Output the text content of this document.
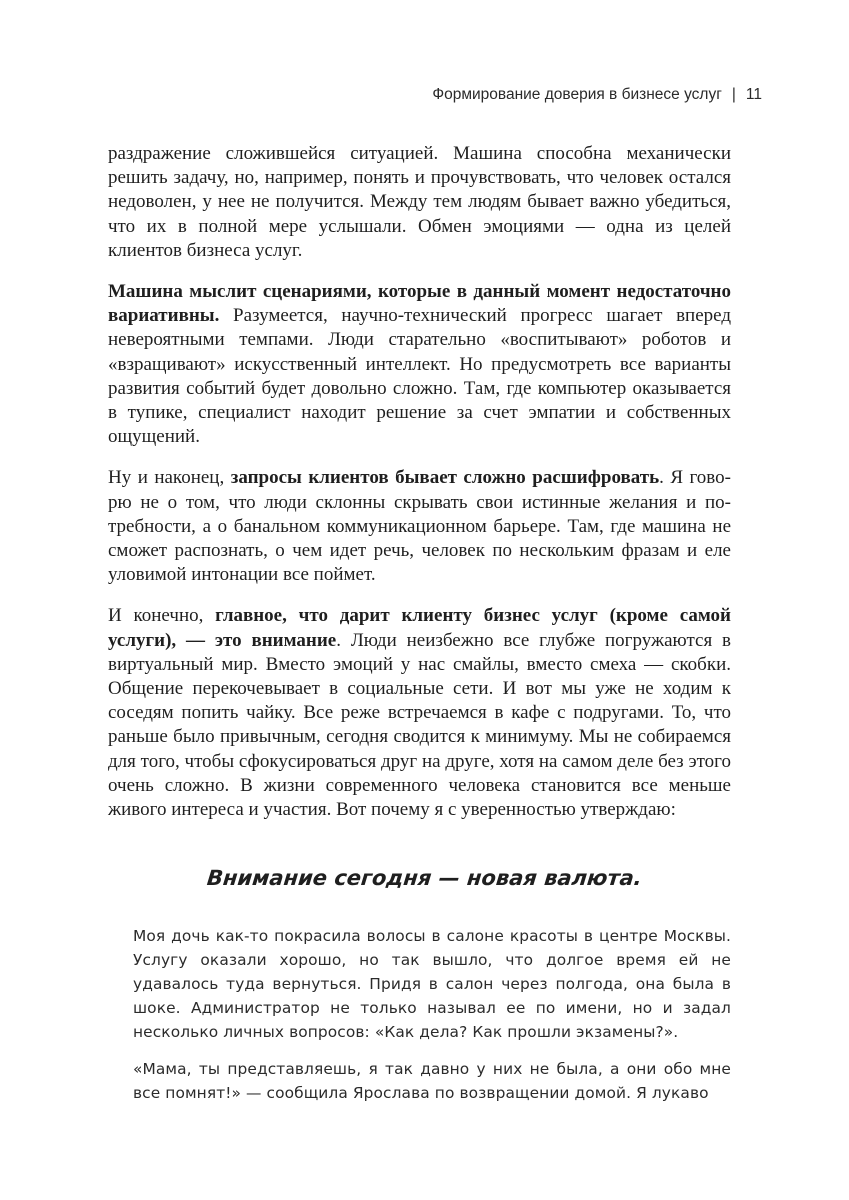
Формирование доверия в бизнесе услуг | 11

раздражение сложившейся ситуацией. Машина способна механически решить задачу, но, например, понять и прочувствовать, что человек остался недоволен, у нее не получится. Между тем людям бывает важно убедиться, что их в полной мере услышали. Обмен эмоциями — одна из целей клиентов бизнеса услуг.

Машина мыслит сценариями, которые в данный момент недостаточно вариативны. Разумеется, научно-технический прогресс шагает вперед невероятными темпами. Люди старательно «воспитывают» роботов и «взращивают» искусственный интеллект. Но предусмотреть все варианты развития событий будет довольно сложно. Там, где компьютер оказывается в тупике, специалист находит решение за счет эмпатии и собственных ощущений.

Ну и наконец, запросы клиентов бывает сложно расшифровать. Я говорю не о том, что люди склонны скрывать свои истинные желания и потребности, а о банальном коммуникационном барьере. Там, где машина не сможет распознать, о чем идет речь, человек по нескольким фразам и еле уловимой интонации все поймет.

И конечно, главное, что дарит клиенту бизнес услуг (кроме самой услуги), — это внимание. Люди неизбежно все глубже погружаются в виртуальный мир. Вместо эмоций у нас смайлы, вместо смеха — скобки. Общение перекочевывает в социальные сети. И вот мы уже не ходим к соседям попить чайку. Все реже встречаемся в кафе с подругами. То, что раньше было привычным, сегодня сводится к минимуму. Мы не собираемся для того, чтобы сфокусироваться друг на друге, хотя на самом деле без этого очень сложно. В жизни современного человека становится все меньше живого интереса и участия. Вот почему я с уверенностью утверждаю:

Внимание сегодня — новая валюта.

Моя дочь как-то покрасила волосы в салоне красоты в центре Москвы. Услугу оказали хорошо, но так вышло, что долгое время ей не удавалось туда вернуться. Придя в салон через полгода, она была в шоке. Администратор не только называл ее по имени, но и задал несколько личных вопросов: «Как дела? Как прошли экзамены?».

«Мама, ты представляешь, я так давно у них не была, а они обо мне все помнят!» — сообщила Ярослава по возвращении домой. Я лукаво
